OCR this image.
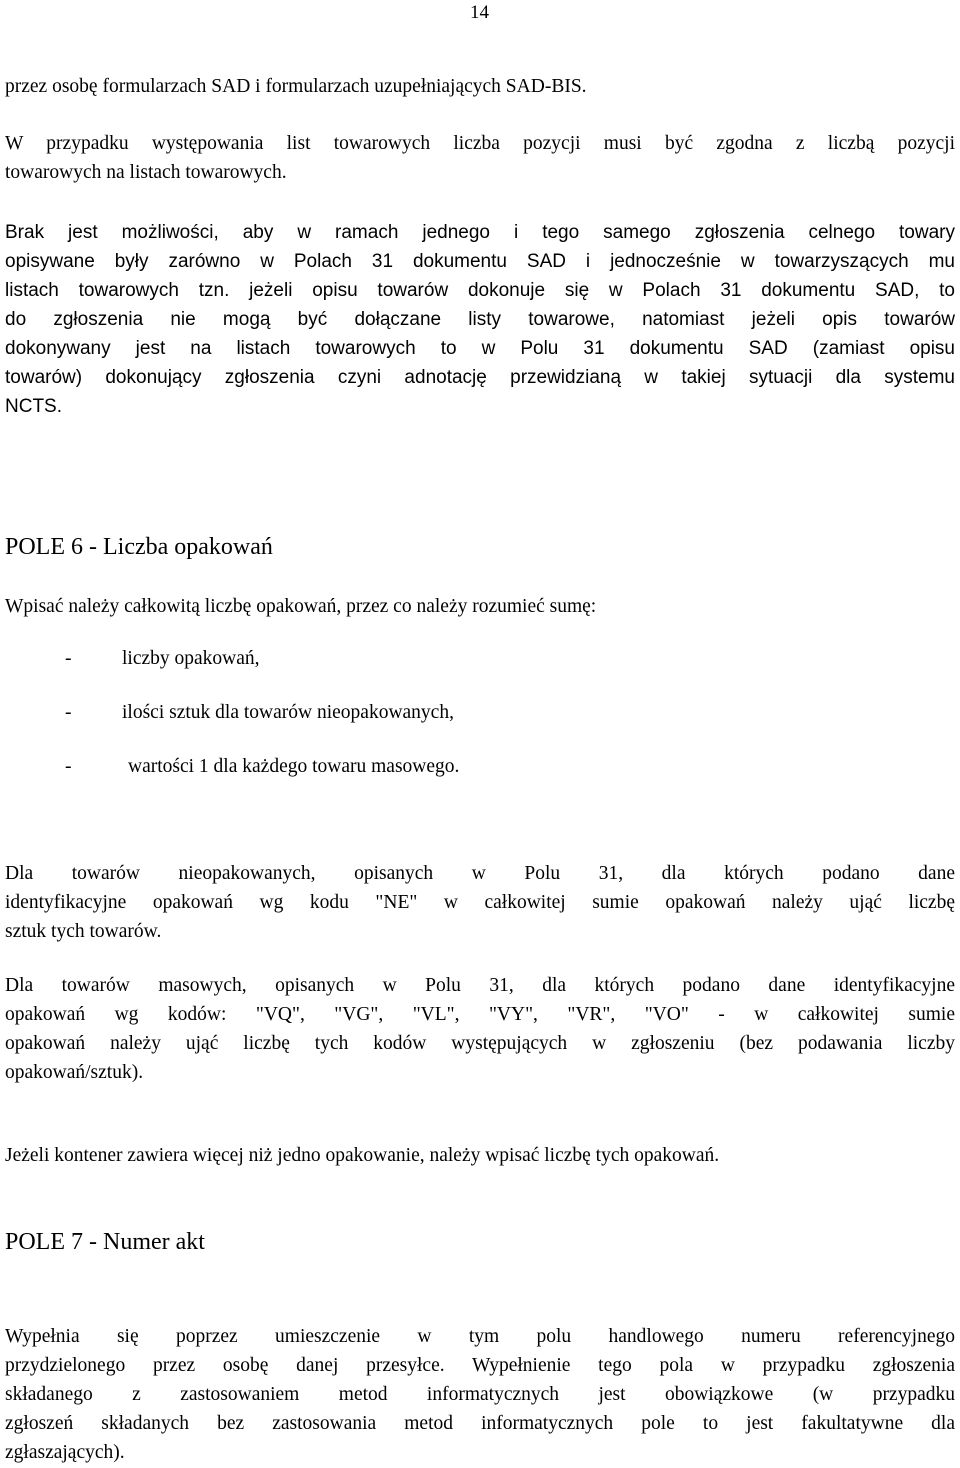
14
przez osobę formularzach SAD i formularzach uzupełniających SAD-BIS.
W przypadku występowania list towarowych liczba pozycji musi być zgodna z liczbą pozycji
towarowych na listach towarowych.
Brak jest możliwości, aby w ramach jednego i tego samego zgłoszenia celnego towary
opisywane były zarówno w Polach 31 dokumentu SAD i jednocześnie w towarzyszących mu
listach towarowych tzn. jeżeli opisu towarów dokonuje się w Polach 31 dokumentu SAD, to
do zgłoszenia nie mogą być dołączane listy towarowe, natomiast jeżeli opis towarów
dokonywany jest na listach towarowych to w Polu 31 dokumentu SAD (zamiast opisu
towarów) dokonujący zgłoszenia czyni adnotację przewidzianą w takiej sytuacji dla systemu
NCTS.
POLE 6 - Liczba opakowań
Wpisać należy całkowitą liczbę opakowań, przez co należy rozumieć sumę:
-	liczby opakowań,
-	ilości sztuk dla towarów nieopakowanych,
-	wartości 1 dla każdego towaru masowego.
Dla towarów nieopakowanych, opisanych w Polu 31, dla których podano dane
identyfikacyjne opakowań wg kodu "NE" w całkowitej sumie opakowań należy ująć liczbę
sztuk tych towarów.
Dla towarów masowych, opisanych w Polu 31, dla których podano dane identyfikacyjne
opakowań wg kodów: "VQ", "VG", "VL", "VY", "VR", "VO" - w całkowitej sumie
opakowań należy ująć liczbę tych kodów występujących w zgłoszeniu (bez podawania liczby
opakowań/sztuk).
Jeżeli kontener zawiera więcej niż jedno opakowanie, należy wpisać liczbę tych opakowań.
POLE 7 - Numer akt
Wypełnia się poprzez umieszczenie w tym polu handlowego numeru referencyjnego
przydzielonego przez osobę danej przesyłce. Wypełnienie tego pola w przypadku zgłoszenia
składanego z zastosowaniem metod informatycznych jest obowiązkowe (w przypadku
zgłoszeń składanych bez zastosowania metod informatycznych pole to jest fakultatywne dla
zgłaszających).
